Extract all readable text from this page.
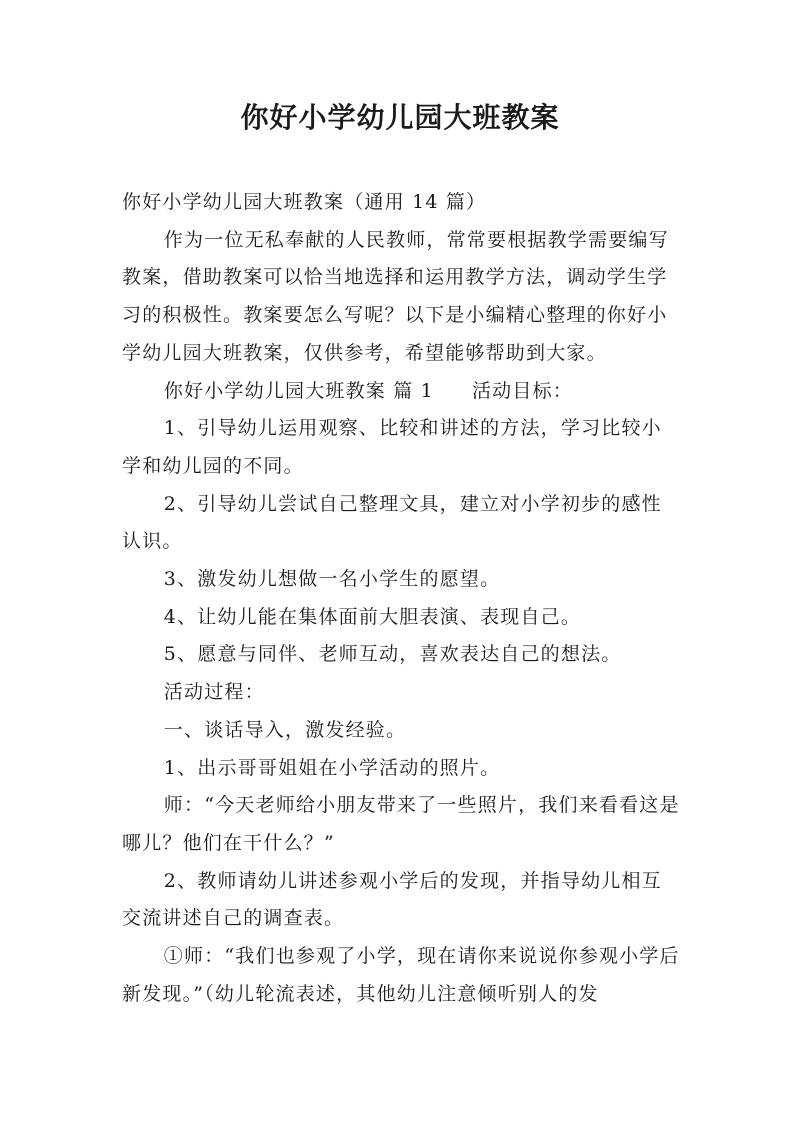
你好小学幼儿园大班教案

你好小学幼儿园大班教案（通用 14 篇）

作为一位无私奉献的人民教师，常常要根据教学需要编写教案，借助教案可以恰当地选择和运用教学方法，调动学生学习的积极性。教案要怎么写呢？以下是小编精心整理的你好小学幼儿园大班教案，仅供参考，希望能够帮助到大家。

你好小学幼儿园大班教案 篇 1 活动目标：

1、引导幼儿运用观察、比较和讲述的方法，学习比较小学和幼儿园的不同。

2、引导幼儿尝试自己整理文具，建立对小学初步的感性认识。

3、激发幼儿想做一名小学生的愿望。

4、让幼儿能在集体面前大胆表演、表现自己。

5、愿意与同伴、老师互动，喜欢表达自己的想法。

活动过程：

一、谈话导入，激发经验。

1、出示哥哥姐姐在小学活动的照片。

师：“今天老师给小朋友带来了一些照片，我们来看看这是哪儿？他们在干什么？”

2、教师请幼儿讲述参观小学后的发现，并指导幼儿相互交流讲述自己的调查表。

①师：“我们也参观了小学，现在请你来说说你参观小学后新发现。”（幼儿轮流表述，其他幼儿注意倾听别人的发
